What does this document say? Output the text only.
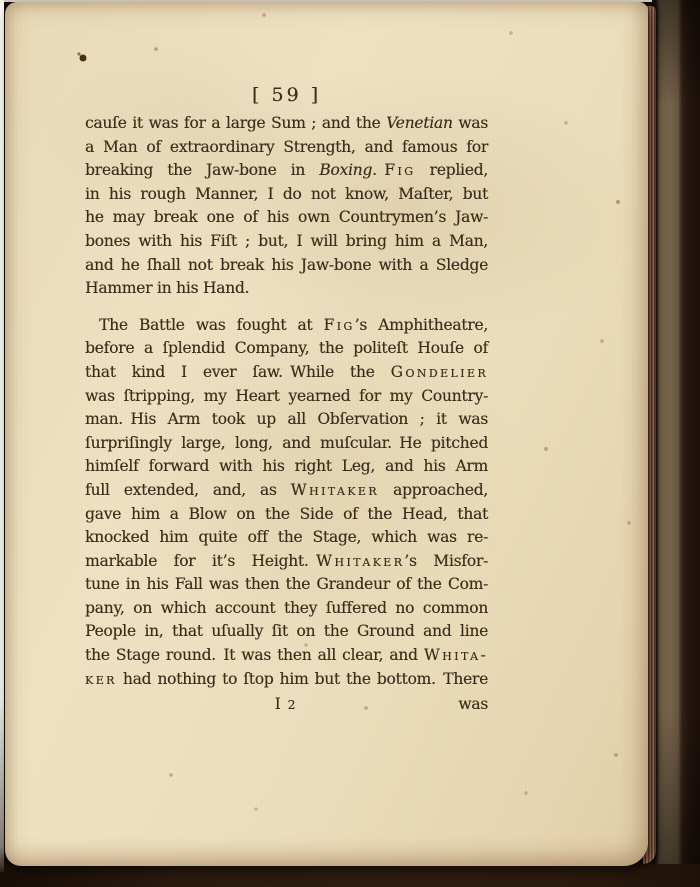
[ 59 ]
cauſe it was for a large Sum ; and the Venetian was
a Man of extraordinary Strength, and famous for
breaking the Jaw-bone in Boxing. Fig replied,
in his rough Manner, I do not know, Maſter, but
he may break one of his own Countrymen’s Jaw-
bones with his Fiſt ; but, I will bring him a Man,
and he ſhall not break his Jaw-bone with a Sledge
Hammer in his Hand.
The Battle was fought at Fig’s Amphitheatre,
before a ſplendid Company, the politeſt Houſe of
that kind I ever ſaw. While the Gondelier
was ſtripping, my Heart yearned for my Country-
man. His Arm took up all Obſervation ; it was
ſurpriſingly large, long, and muſcular. He pitched
himſelf forward with his right Leg, and his Arm
full extended, and, as Whitaker approached,
gave him a Blow on the Side of the Head, that
knocked him quite off the Stage, which was re-
markable for it’s Height. Whitaker’s Misfor-
tune in his Fall was then the Grandeur of the Com-
pany, on which account they ſuffered no common
People in, that uſually ſit on the Ground and line
the Stage round. It was then all clear, and Whita-
ker had nothing to ſtop him but the bottom. There
I 2	was
